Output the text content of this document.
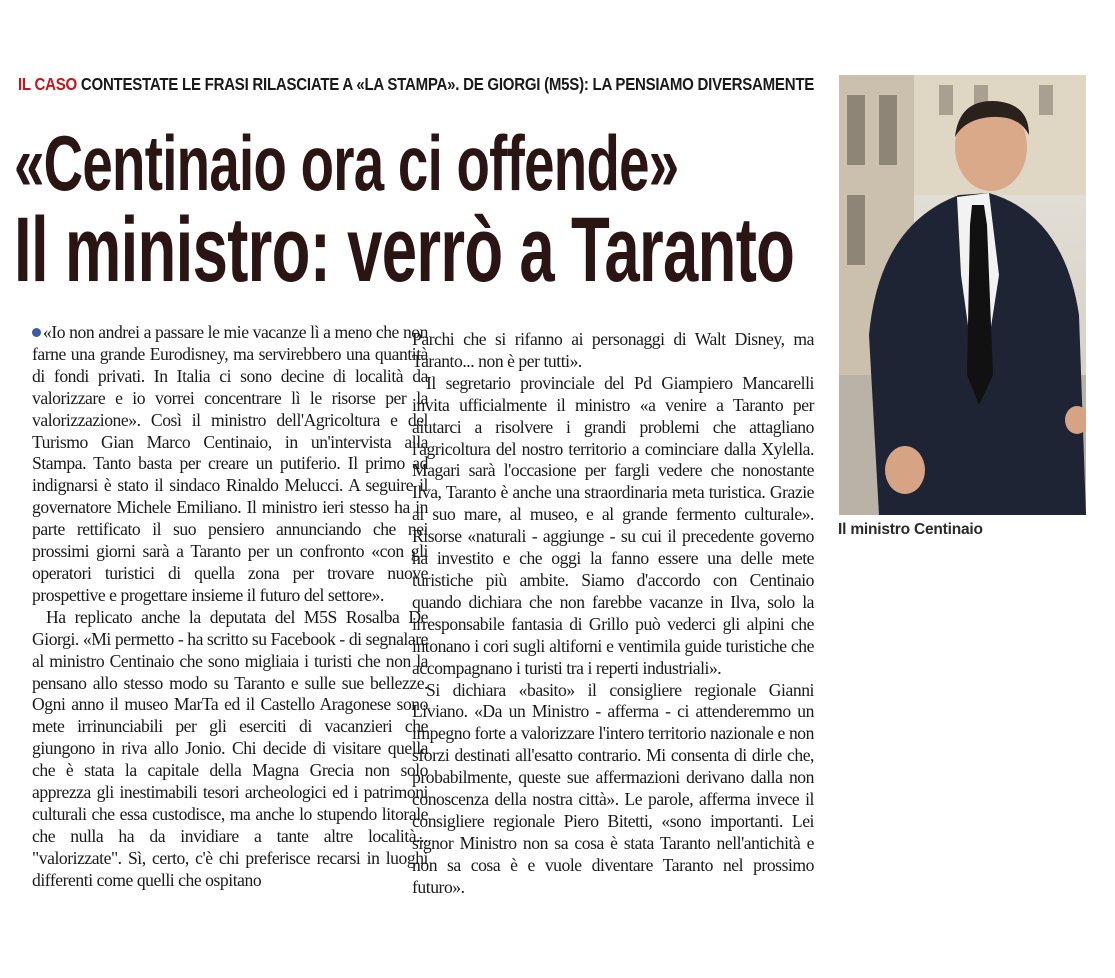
IL CASO CONTESTATE LE FRASI RILASCIATE A «LA STAMPA». DE GIORGI (M5S): LA PENSIAMO DIVERSAMENTE
«Centinaio ora ci offende»
Il ministro: verrò a Taranto

«Io non andrei a passare le mie vacanze lì a meno che non farne una grande Eurodisney, ma servirebbero una quantità di fondi privati. In Italia ci sono decine di località da valorizzare e io vorrei concentrare lì le risorse per la valorizzazione». Così il ministro dell'Agricoltura e del Turismo Gian Marco Centinaio, in un'intervista alla Stampa. Tanto basta per creare un putiferio. Il primo ad indignarsi è stato il sindaco Rinaldo Melucci. A seguire il governatore Michele Emiliano. Il ministro ieri stesso ha in parte rettificato il suo pensiero annunciando che nei prossimi giorni sarà a Taranto per un confronto «con gli operatori turistici di quella zona per trovare nuove prospettive e progettare insieme il futuro del settore».

Ha replicato anche la deputata del M5S Rosalba De Giorgi. «Mi permetto - ha scritto su Facebook - di segnalare al ministro Centinaio che sono migliaia i turisti che non la pensano allo stesso modo su Taranto e sulle sue bellezze. Ogni anno il museo MarTa ed il Castello Aragonese sono mete irrinunciabili per gli eserciti di vacanzieri che giungono in riva allo Jonio. Chi decide di visitare quella che è stata la capitale della Magna Grecia non solo apprezza gli inestimabili tesori archeologici ed i patrimoni culturali che essa custodisce, ma anche lo stupendo litorale che nulla ha da invidiare a tante altre località... "valorizzate". Sì, certo, c'è chi preferisce recarsi in luoghi differenti come quelli che ospitano

Parchi che si rifanno ai personaggi di Walt Disney, ma Taranto... non è per tutti».

Il segretario provinciale del Pd Giampiero Mancarelli invita ufficialmente il ministro «a venire a Taranto per aiutarci a risolvere i grandi problemi che attagliano l'agricoltura del nostro territorio a cominciare dalla Xylella. Magari sarà l'occasione per fargli vedere che nonostante Ilva, Taranto è anche una straordinaria meta turistica. Grazie al suo mare, al museo, e al grande fermento culturale». Risorse «naturali - aggiunge - su cui il precedente governo ha investito e che oggi la fanno essere una delle mete turistiche più ambite. Siamo d'accordo con Centinaio quando dichiara che non farebbe vacanze in Ilva, solo la irresponsabile fantasia di Grillo può vederci gli alpini che intonano i cori sugli altiforni e ventimila guide turistiche che accompagnano i turisti tra i reperti industriali».

Si dichiara «basito» il consigliere regionale Gianni Liviano. «Da un Ministro - afferma - ci attenderemmo un impegno forte a valorizzare l'intero territorio nazionale e non sforzi destinati all'esatto contrario. Mi consenta di dirle che, probabilmente, queste sue affermazioni derivano dalla non conoscenza della nostra città». Le parole, afferma invece il consigliere regionale Piero Bitetti, «sono importanti. Lei signor Ministro non sa cosa è stata Taranto nell'antichità e non sa cosa è e vuole diventare Taranto nel prossimo futuro».

Il ministro Centinaio
